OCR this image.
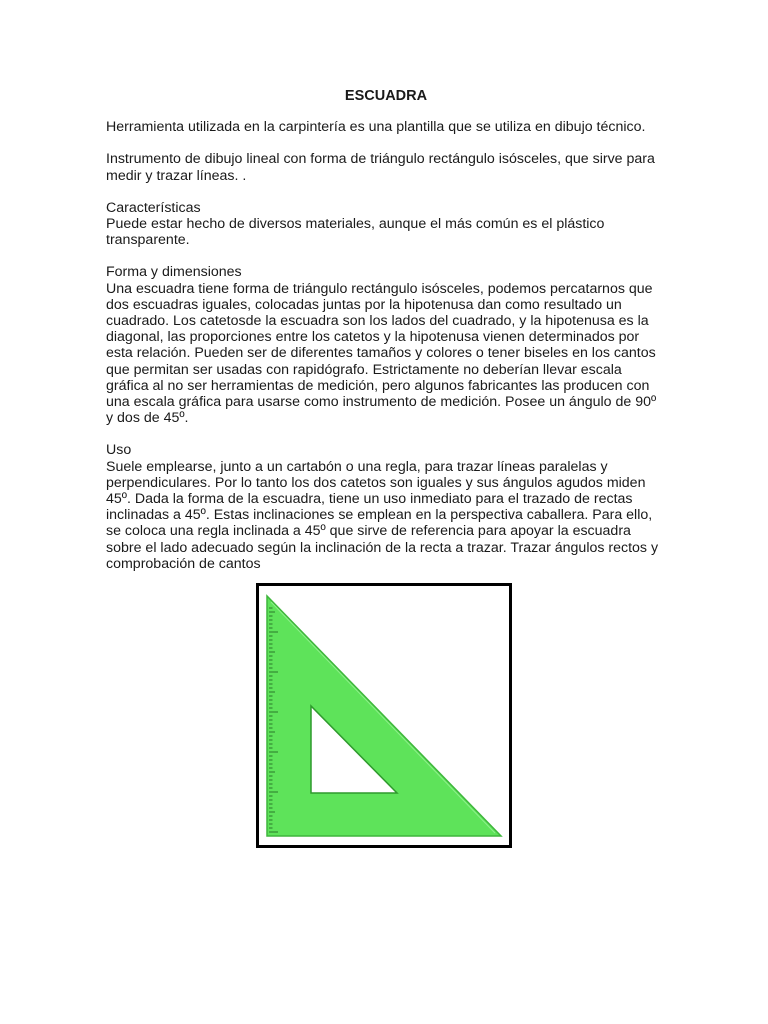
ESCUADRA

Herramienta utilizada en la carpintería es una plantilla que se utiliza en dibujo técnico.

Instrumento de dibujo lineal con forma de triángulo rectángulo isósceles, que sirve para medir y trazar líneas. .

Características

Puede estar hecho de diversos materiales, aunque el más común es el plástico transparente.

Forma y dimensiones

Una escuadra tiene forma de triángulo rectángulo isósceles, podemos percatarnos que dos escuadras iguales, colocadas juntas por la hipotenusa dan como resultado un cuadrado. Los catetosde la escuadra son los lados del cuadrado, y la hipotenusa es la diagonal, las proporciones entre los catetos y la hipotenusa vienen determinados por esta relación. Pueden ser de diferentes tamaños y colores o tener biseles en los cantos que permitan ser usadas con rapidógrafo. Estrictamente no deberían llevar escala gráfica al no ser herramientas de medición, pero algunos fabricantes las producen con una escala gráfica para usarse como instrumento de medición. Posee un ángulo de 90º y dos de 45º.

Uso

Suele emplearse, junto a un cartabón o una regla, para trazar líneas paralelas y perpendiculares. Por lo tanto los dos catetos son iguales y sus ángulos agudos miden 45º. Dada la forma de la escuadra, tiene un uso inmediato para el trazado de rectas inclinadas a 45º. Estas inclinaciones se emplean en la perspectiva caballera. Para ello, se coloca una regla inclinada a 45º que sirve de referencia para apoyar la escuadra sobre el lado adecuado según la inclinación de la recta a trazar. Trazar ángulos rectos y comprobación de cantos
